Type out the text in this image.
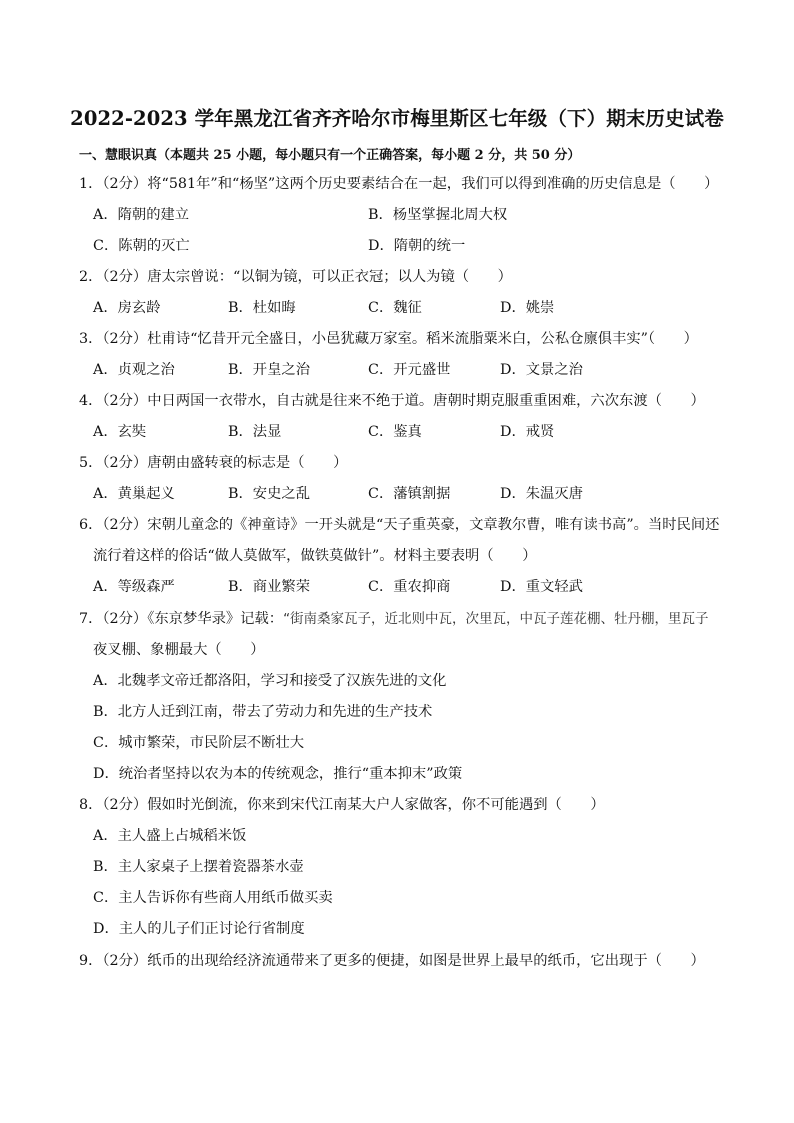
2022-2023 学年黑龙江省齐齐哈尔市梅里斯区七年级（下）期末历史试卷
一、慧眼识真（本题共 25 小题，每小题只有一个正确答案，每小题 2 分，共 50 分）
1．（2分）将“581年”和“杨坚”这两个历史要素结合在一起，我们可以得到准确的历史信息是（　　）
A．隋朝的建立	B．杨坚掌握北周大权
C．陈朝的灭亡	D．隋朝的统一
2．（2分）唐太宗曾说：“以铜为镜，可以正衣冠；以人为镜（　　）
A．房玄龄	B．杜如晦	C．魏征	D．姚崇
3．（2分）杜甫诗“忆昔开元全盛日，小邑犹藏万家室。稻米流脂粟米白，公私仓廪俱丰实”（　　）
A．贞观之治	B．开皇之治	C．开元盛世	D．文景之治
4．（2分）中日两国一衣带水，自古就是往来不绝于道。唐朝时期克服重重困难，六次东渡（　　）
A．玄奘	B．法显	C．鉴真	D．戒贤
5．（2分）唐朝由盛转衰的标志是（　　）
A．黄巢起义	B．安史之乱	C．藩镇割据	D．朱温灭唐
6．（2分）宋朝儿童念的《神童诗》一开头就是“天子重英豪，文章教尔曹，唯有读书高”。当时民间还
流行着这样的俗话“做人莫做军，做铁莫做针”。材料主要表明（　　）
A．等级森严	B．商业繁荣	C．重农抑商	D．重文轻武
7．（2分）《东京梦华录》记载：“街南桑家瓦子，近北则中瓦，次里瓦，中瓦子莲花棚、牡丹棚，里瓦子
夜叉棚、象棚最大（　　）
A．北魏孝文帝迁都洛阳，学习和接受了汉族先进的文化
B．北方人迁到江南，带去了劳动力和先进的生产技术
C．城市繁荣，市民阶层不断壮大
D．统治者坚持以农为本的传统观念，推行“重本抑末”政策
8．（2分）假如时光倒流，你来到宋代江南某大户人家做客，你不可能遇到（　　）
A．主人盛上占城稻米饭
B．主人家桌子上摆着瓷器茶水壶
C．主人告诉你有些商人用纸币做买卖
D．主人的儿子们正讨论行省制度
9．（2分）纸币的出现给经济流通带来了更多的便捷，如图是世界上最早的纸币，它出现于（　　）
